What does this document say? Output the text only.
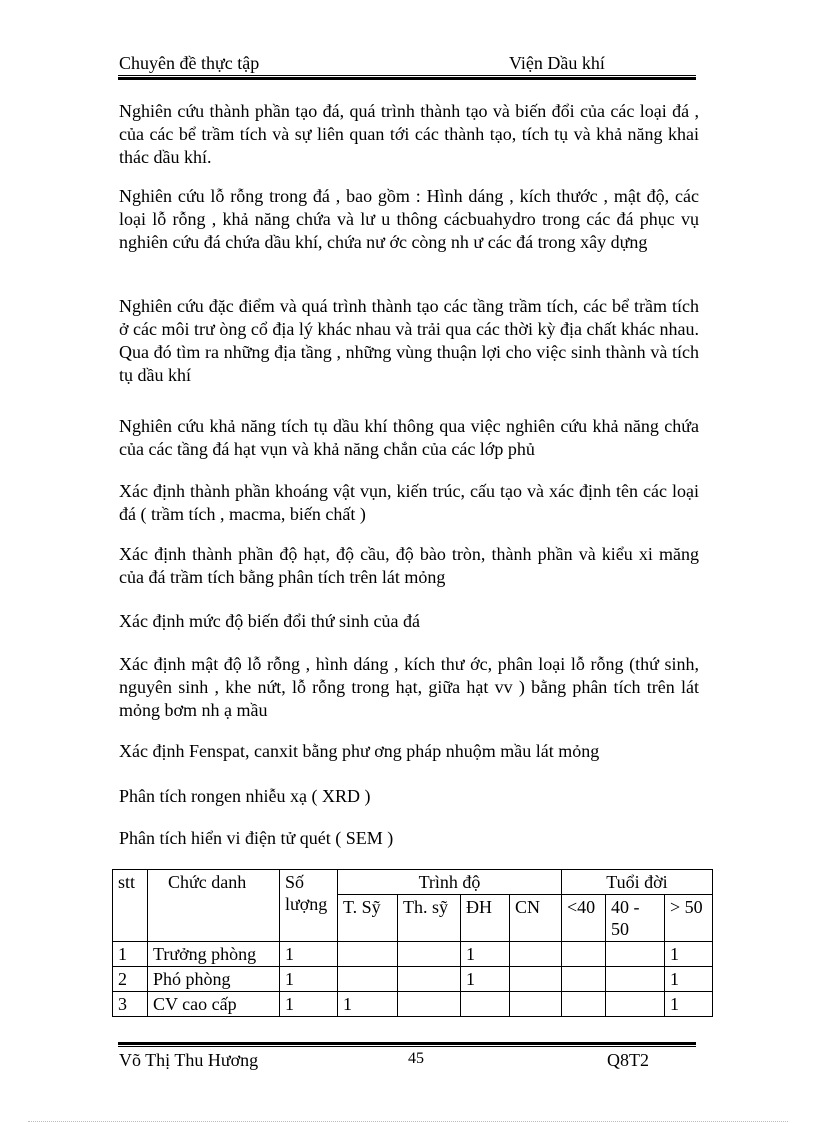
Chuyên đề thực tập	Viện Dầu khí

Nghiên cứu thành phần tạo đá, quá trình thành tạo và biến đổi của các loại đá , của các bể trầm tích và sự liên quan tới các thành tạo, tích tụ và khả năng khai thác dầu khí.

Nghiên cứu lỗ rỗng trong đá , bao gồm : Hình dáng , kích thước , mật độ, các loại lỗ rỗng , khả năng chứa và lư u thông cácbuahydro trong các đá phục vụ nghiên cứu đá chứa dầu khí, chứa nư ớc còng nh ư các đá trong xây dựng

Nghiên cứu đặc điểm và quá trình thành tạo các tầng trầm tích, các bể trầm tích ở các môi trư òng cổ địa lý khác nhau và trải qua các thời kỳ địa chất khác nhau. Qua đó tìm ra những địa tầng , những vùng thuận lợi cho việc sinh thành và tích tụ dầu khí

Nghiên cứu khả năng tích tụ dầu khí thông qua việc nghiên cứu khả năng chứa của các tầng đá hạt vụn và khả năng chắn của các lớp phủ

Xác định thành phần khoáng vật vụn, kiến trúc, cấu tạo và xác định tên các loại đá ( trầm tích , macma, biến chất )

Xác định thành phần độ hạt, độ cầu, độ bào tròn, thành phần và kiểu xi măng của đá trầm tích bằng phân tích trên lát mỏng

Xác định mức độ biến đổi thứ sinh của đá

Xác định mật độ lỗ rỗng , hình dáng , kích thư ớc, phân loại lỗ rỗng (thứ sinh, nguyên sinh , khe nứt, lỗ rỗng trong hạt, giữa hạt vv ) bằng phân tích trên lát mỏng bơm nh ạ mầu

Xác định Fenspat, canxit bằng phư ơng pháp nhuộm mầu lát mỏng

Phân tích rongen nhiễu xạ ( XRD )

Phân tích hiển vi điện tử quét ( SEM )

stt	Chức danh	Số lượng	Trình độ				Tuổi đời		
			T. Sỹ	Th. sỹ	ĐH	CN	<40	40 - 50	> 50
1	Trưởng phòng	1			1				1
2	Phó phòng	1			1				1
3	CV cao cấp	1	1						1
Võ Thị Thu Hương	45	Q8T2
